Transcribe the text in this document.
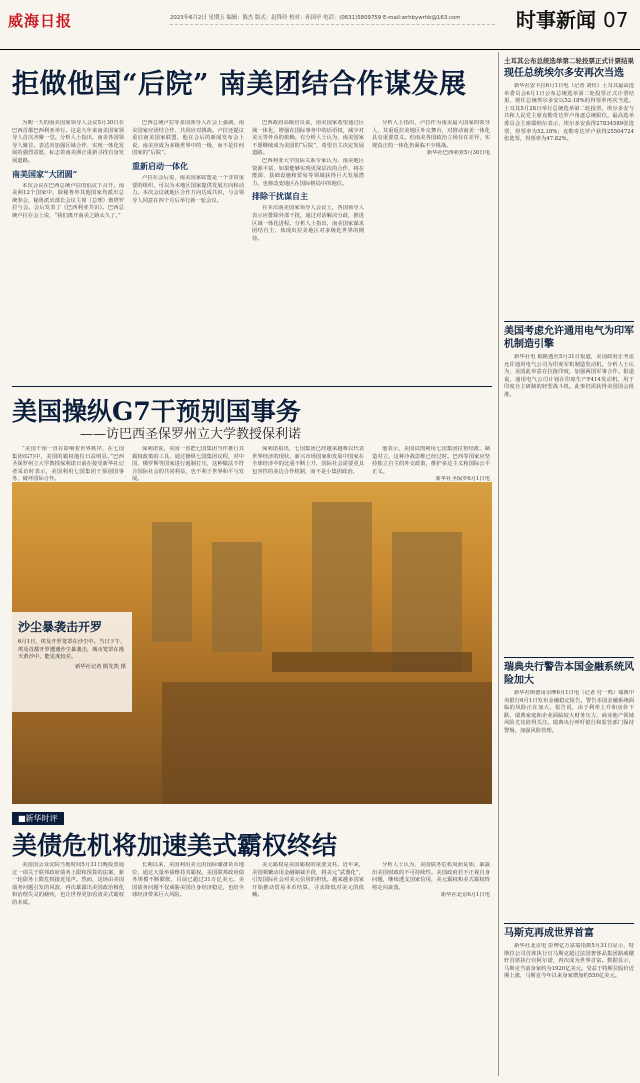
威海日报	2023年6月2日 星期五 编辑：陈杰 版式：赵锋玲 校对：孙国亭 电话：(0631)5809759 E-mail:wrhbywrhb@163.com	时事新闻 07
拒做他国“后院” 南美团结合作谋发展

为期一天的南美国家领导人会议5月30日在巴西首都巴西利亚举行。这是九年来南美国家领导人首次齐聚一堂。分析人士指出，南美各国领导人聚首，表达出加强区域合作、实现一体化发展的强烈意愿，标志着南美洲正重新寻找自身发展道路。

南美国家“大团圆”

本次会议在巴西总统卢拉的倡议下召开。南美洲12个国家中，除秘鲁外其他国家均派出总统参会，秘鲁派出部长会议主席（总理）奥塔罗拉与会。会后发表了《巴西利亚共识》。巴西总统卢拉在会上说，“我们离开南美之路太久了。”

巴西总统卢拉等多国领导人在会上强调，南美国家应团结合作、共同应对挑战。卢拉还提议重启南美国家联盟，他在会后的新闻发布会上说，南美应成为多极世界中的一极，而不是任何国家的“后院”。

重新启动一体化

卢拉在会后说，南美国家联盟是一个非常重要的组织，可以为本地区国家提供发展方向和动力。本次会议就地区合作方向达成共识，与会领导人同意在四个月后举行新一轮会议。

巴西政府高级官员说，南美国家希望通过区域一体化，增强在国际事务中的话语权，减少对美元等外币的依赖。有分析人士认为，南美国家不愿继续成为美国的“后院”，希望自主决定发展道路。

巴西利亚大学国际关系专家认为，南美地区资源丰富，如果能够实现更深层次的合作，将在能源、基础设施和贸易等领域获得巨大发展潜力，也将改变地区在国际格局中的地位。

排除干扰谋自主

在本次南美国家领导人会议上，各国领导人表示应排除外部干扰，通过对话解决分歧，推进区域一体化进程。分析人士指出，南美国家谋求团结自主，体现出拉美地区对多极化世界的期待。

分析人士指出，卢拉作为南美最大国家的领导人，其重返拉美地区外交舞台，对推动南美一体化具有重要意义。但南美各国政治立场存在差异，实现真正的一体化仍面临不少挑战。

新华社巴西利亚5月30日电

美国操纵G7干预别国事务
——访巴西圣保罗州立大学教授保利诺

“美国干预一直在影响着世界秩序，在七国集团(G7)中，美国的霸权地位日益明显。”巴西圣保罗州立大学教授保利诺日前在接受新华社记者采访时表示，美国利用七国集团干预别国事务，破坏国际合作。

保利诺说，美国一直把七国集团当作推行其霸权政策的工具，通过操纵七国集团议程，对中国、俄罗斯等国家进行遏制打压，这种做法不符合国际社会的共同利益，也不利于世界和平与发展。

保利诺指出，七国集团已经越来越难以代表世界经济的现状，新兴市场国家和发展中国家在全球经济中的比重不断上升，国际社会需要更具包容性的多边合作机制，而不是小集团政治。

他表示，美国试图利用七国集团拉帮结派、制造对立，这种冷战思维已经过时。巴西等国家应坚持独立自主的外交政策，维护多边主义和国际公平正义。

新华社圣保罗6月1日电

沙尘暴袭击开罗
6月1日，埃及开罗笼罩在沙尘中。当日下午，埃及首都开罗遭遇沙尘暴袭击，城市笼罩在漫天黄沙中，能见度较差。
新华社记者 隋先凯 摄
■新华时评
美债危机将加速美式霸权终结

美国国会众议院当地时间5月31日晚投票通过一项关于联邦政府债务上限和预算的法案，新一轮债务上限危机接近尾声。然而，这场由美国债务问题引发的风波，再次暴露出美国政治极化和治理失灵的痼疾，也让世界更加看清美式霸权的本质。

长期以来，美国利用美元的国际储备货币地位，通过大量举债维持其霸权。美国联邦政府债务规模不断膨胀，目前已超过31万亿美元。美国债务问题不仅威胁美国自身经济稳定，也给全球经济带来巨大风险。

美元霸权是美国霸权的重要支柱。近年来，美国频繁动用金融制裁手段，将美元“武器化”，引发国际社会对美元信用的担忧。越来越多国家开始推动贸易本币结算，寻求降低对美元的依赖。

分析人士认为，美国债务危机周而复始，暴露出美国财政的不可持续性。美国政府若不正视自身问题，继续透支国家信用，美元霸权和美式霸权终将走向衰落。

新华社北京6月1日电

土耳其公布总统选举第二轮投票正式计票结果
现任总统埃尔多安再次当选

新华社安卡拉6月1日电（记者 刘钰）土耳其最高选举委员会6月1日公布总统选举第二轮投票正式计票结果，现任总统埃尔多安以52.18%的得票率再次当选。土耳其5月28日举行总统选举第二轮投票，埃尔多安与共和人民党主席克勒奇达罗卢角逐总统职位。最高选举委员会主席耶纳尔表示，埃尔多安获得27834589张选票，得票率为52.18%；克勒奇达罗卢获得25504724张选票，得票率为47.82%。

美国考虑允许通用电气为印军机制造引擎

新华社电 据路透社5月31日报道，美国政府正考虑允许通用电气公司为印度军机制造发动机。分析人士认为，美国此举意在拉拢印度，加强两国军事合作。报道说，通用电气公司计划在印度生产F414发动机，用于印度自主研制的轻型战斗机。此事仍需获得美国国会批准。

瑞典央行警告本国金融系统风险加大

新华社斯德哥尔摩6月1日电（记者 付一鸣）瑞典中央银行6月1日发布金融稳定报告，警告本国金融系统面临的风险正在加大。报告说，由于利率上升和房价下跌，瑞典家庭和企业面临较大财务压力，商业地产领域风险尤其值得关注。瑞典央行呼吁银行和监管部门保持警惕，加强风险管理。

马斯克再成世界首富

新华社北京电 彭博亿万富翁指数5月31日显示，特斯拉公司首席执行官马斯克超过法国奢侈品集团路威酩轩首席执行官阿尔诺，再次成为世界首富。数据显示，马斯克当前身家约为1920亿美元。受益于特斯拉股价近期上涨，马斯克今年以来身家增加约550亿美元。
